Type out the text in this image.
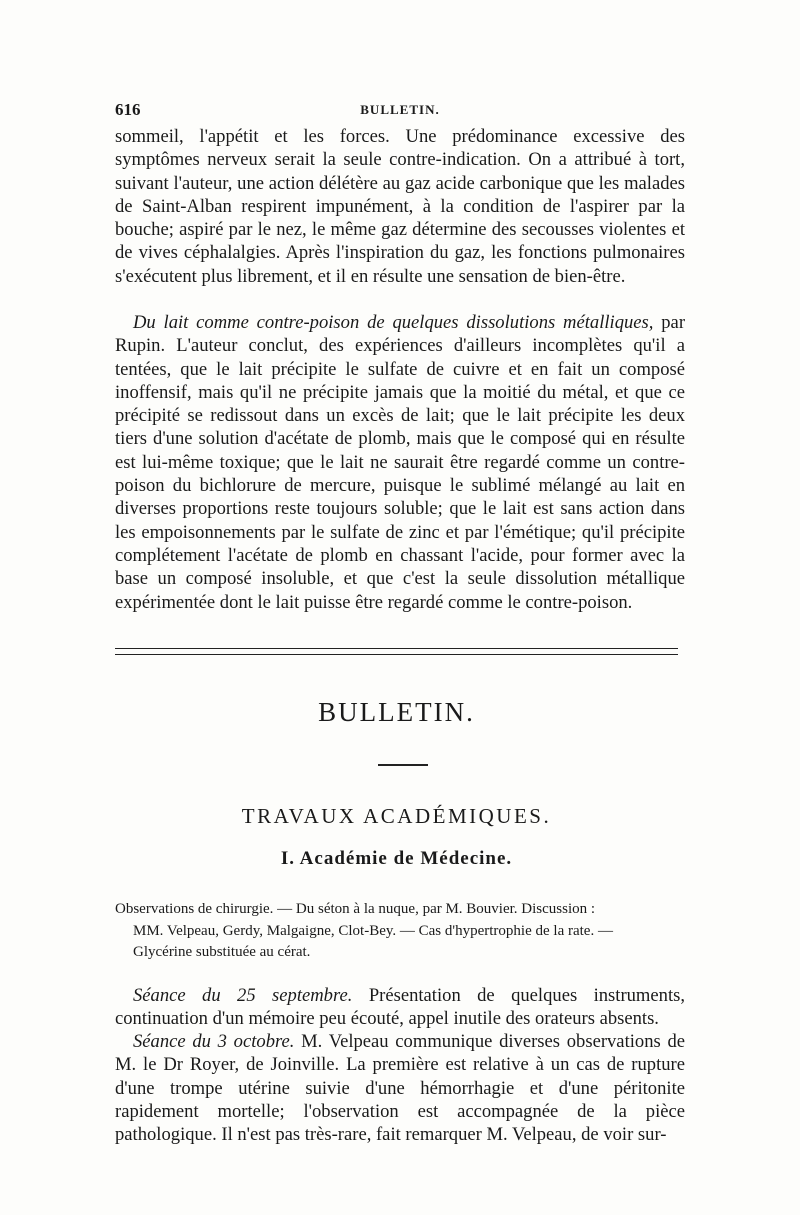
616	BULLETIN.

sommeil, l'appétit et les forces. Une prédominance excessive des symptômes nerveux serait la seule contre-indication. On a attribué à tort, suivant l'auteur, une action délétère au gaz acide carbonique que les malades de Saint-Alban respirent impunément, à la condition de l'aspirer par la bouche; aspiré par le nez, le même gaz détermine des secousses violentes et de vives céphalalgies. Après l'inspiration du gaz, les fonctions pulmonaires s'exécutent plus librement, et il en résulte une sensation de bien-être.

Du lait comme contre-poison de quelques dissolutions métalliques, par Rupin. L'auteur conclut, des expériences d'ailleurs incomplètes qu'il a tentées, que le lait précipite le sulfate de cuivre et en fait un composé inoffensif, mais qu'il ne précipite jamais que la moitié du métal, et que ce précipité se redissout dans un excès de lait; que le lait précipite les deux tiers d'une solution d'acétate de plomb, mais que le composé qui en résulte est lui-même toxique; que le lait ne saurait être regardé comme un contre-poison du bichlorure de mercure, puisque le sublimé mélangé au lait en diverses proportions reste toujours soluble; que le lait est sans action dans les empoisonnements par le sulfate de zinc et par l'émétique; qu'il précipite complétement l'acétate de plomb en chassant l'acide, pour former avec la base un composé insoluble, et que c'est la seule dissolution métallique expérimentée dont le lait puisse être regardé comme le contre-poison.

BULLETIN.
TRAVAUX ACADÉMIQUES.
I. Académie de Médecine.

Observations de chirurgie. — Du séton à la nuque, par M. Bouvier. Discussion :
MM. Velpeau, Gerdy, Malgaigne, Clot-Bey. — Cas d'hypertrophie de la rate. —
Glycérine substituée au cérat.

Séance du 25 septembre. Présentation de quelques instruments, continuation d'un mémoire peu écouté, appel inutile des orateurs absents.

Séance du 3 octobre. M. Velpeau communique diverses observations de M. le Dr Royer, de Joinville. La première est relative à un cas de rupture d'une trompe utérine suivie d'une hémorrhagie et d'une péritonite rapidement mortelle; l'observation est accompagnée de la pièce pathologique. Il n'est pas très-rare, fait remarquer M. Velpeau, de voir sur-
